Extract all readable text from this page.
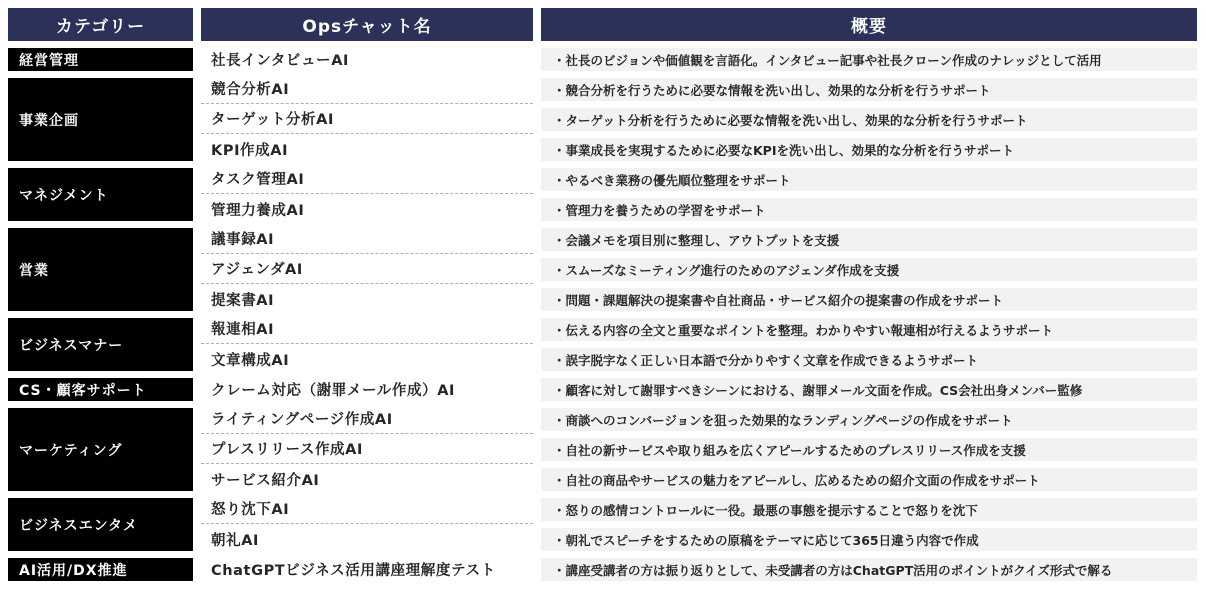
カテゴリー	Opsチャット名	概要
経営管理
事業企画
マネジメント
営業
ビジネスマナー
CS・顧客サポート
マーケティング
ビジネスエンタメ
AI活用/DX推進
社長インタビューAI
競合分析AI
ターゲット分析AI
KPI作成AI
タスク管理AI
管理力養成AI
議事録AI
アジェンダAI
提案書AI
報連相AI
文章構成AI
クレーム対応（謝罪メール作成）AI
ライティングページ作成AI
プレスリリース作成AI
サービス紹介AI
怒り沈下AI
朝礼AI
ChatGPTビジネス活用講座理解度テスト
・社長のビジョンや価値観を言語化。インタビュー記事や社長クローン作成のナレッジとして活用
・競合分析を行うために必要な情報を洗い出し、効果的な分析を行うサポート
・ターゲット分析を行うために必要な情報を洗い出し、効果的な分析を行うサポート
・事業成長を実現するために必要なKPIを洗い出し、効果的な分析を行うサポート
・やるべき業務の優先順位整理をサポート
・管理力を養うための学習をサポート
・会議メモを項目別に整理し、アウトプットを支援
・スムーズなミーティング進行のためのアジェンダ作成を支援
・問題・課題解決の提案書や自社商品・サービス紹介の提案書の作成をサポート
・伝える内容の全文と重要なポイントを整理。わかりやすい報連相が行えるようサポート
・誤字脱字なく正しい日本語で分かりやすく文章を作成できるようサポート
・顧客に対して謝罪すべきシーンにおける、謝罪メール文面を作成。CS会社出身メンバー監修
・商談へのコンバージョンを狙った効果的なランディングページの作成をサポート
・自社の新サービスや取り組みを広くアピールするためのプレスリリース作成を支援
・自社の商品やサービスの魅力をアピールし、広めるための紹介文面の作成をサポート
・怒りの感情コントロールに一役。最悪の事態を提示することで怒りを沈下
・朝礼でスピーチをするための原稿をテーマに応じて365日違う内容で作成
・講座受講者の方は振り返りとして、未受講者の方はChatGPT活用のポイントがクイズ形式で解る
